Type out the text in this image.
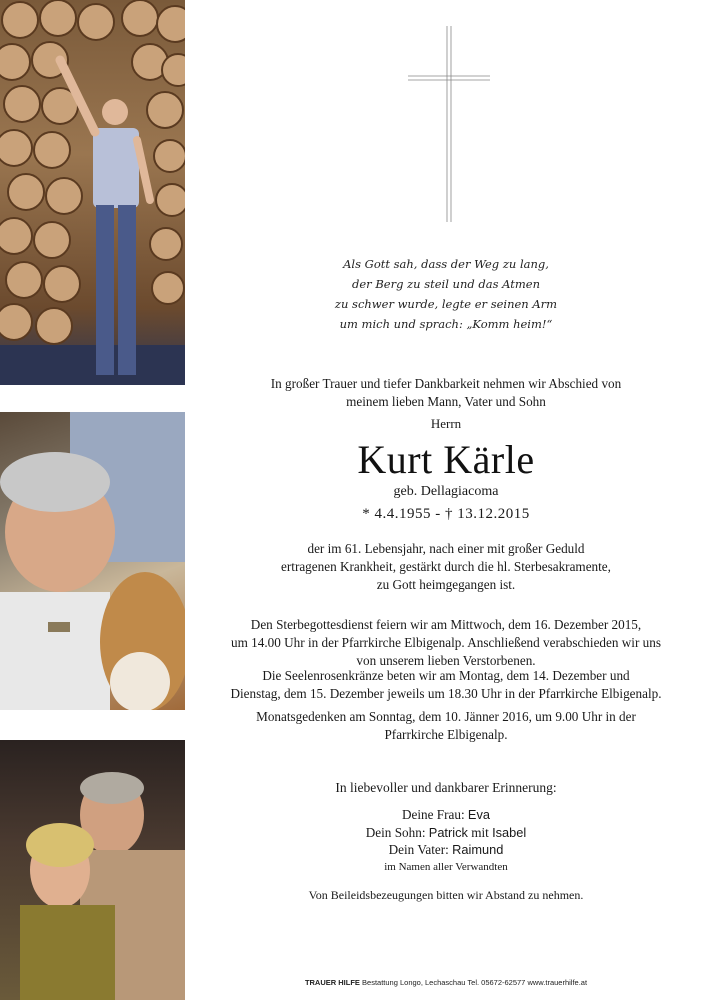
Als Gott sah, dass der Weg zu lang,

der Berg zu steil und das Atmen

zu schwer wurde, legte er seinen Arm

um mich und sprach: „Komm heim!“

In großer Trauer und tiefer Dankbarkeit nehmen wir Abschied von

meinem lieben Mann, Vater und Sohn

Herrn
Kurt Kärle
geb. Dellagiacoma
* 4.4.1955 - † 13.12.2015

der im 61. Lebensjahr, nach einer mit großer Geduld

ertragenen Krankheit, gestärkt durch die hl. Sterbesakramente,

zu Gott heimgegangen ist.

Den Sterbegottesdienst feiern wir am Mittwoch, dem 16. Dezember 2015,

um 14.00 Uhr in der Pfarrkirche Elbigenalp. Anschließend verabschieden wir uns

von unserem lieben Verstorbenen.

Die Seelenrosenkränze beten wir am Montag, dem 14. Dezember und

Dienstag, dem 15. Dezember jeweils um 18.30 Uhr in der Pfarrkirche Elbigenalp.

Monatsgedenken am Sonntag, dem 10. Jänner 2016, um 9.00 Uhr in der

Pfarrkirche Elbigenalp.

In liebevoller und dankbarer Erinnerung:

Deine Frau: Eva

Dein Sohn: Patrick mit Isabel

Dein Vater: Raimund

im Namen aller Verwandten

Von Beileidsbezeugungen bitten wir Abstand zu nehmen.
TRAUER HILFE Bestattung Longo, Lechaschau Tel. 05672-62577 www.trauerhilfe.at
